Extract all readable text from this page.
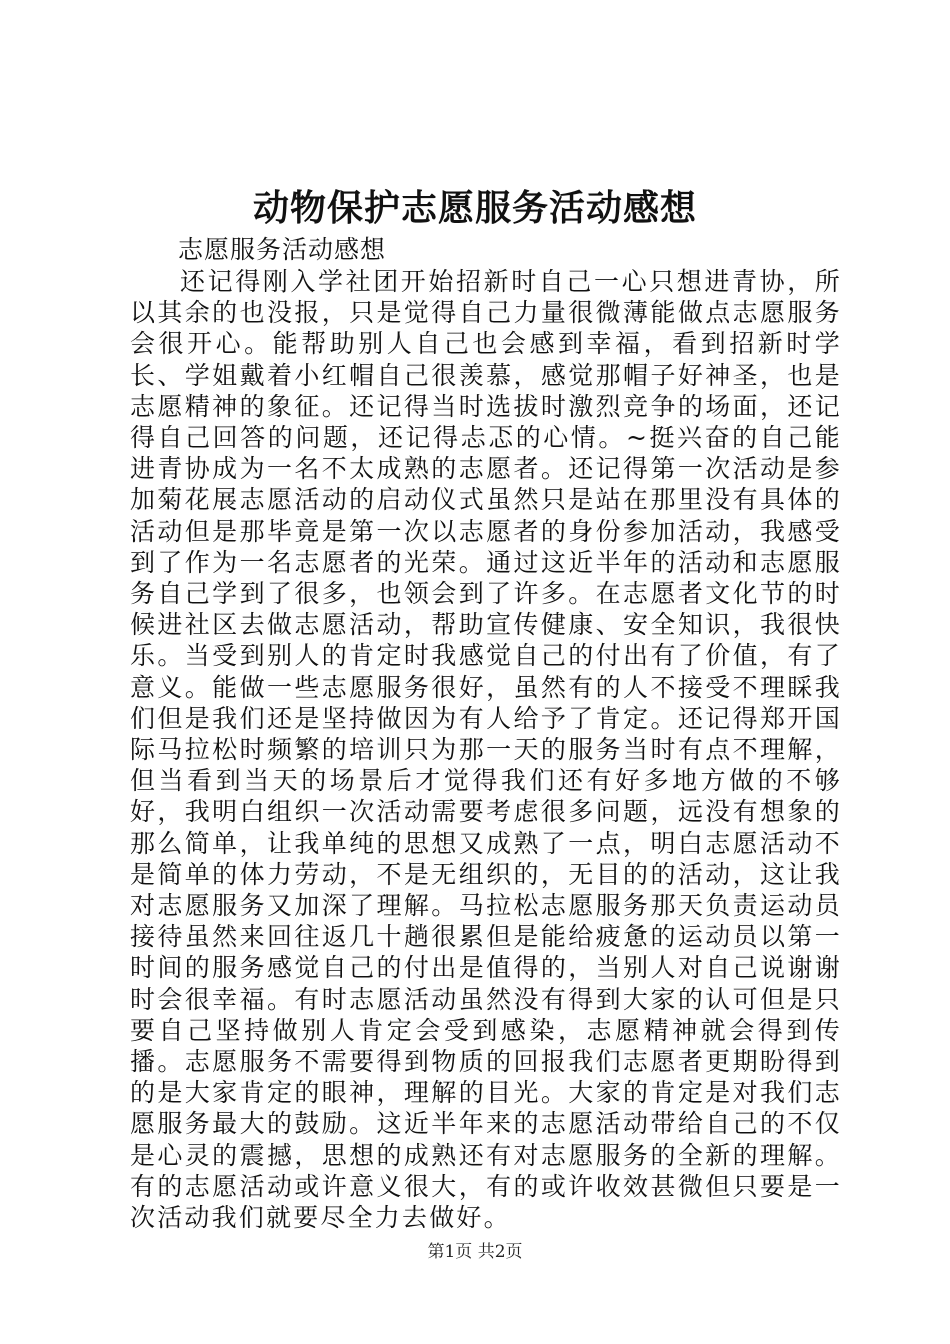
动物保护志愿服务活动感想
志愿服务活动感想

还记得刚入学社团开始招新时自己一心只想进青协，所以其余的也没报，只是觉得自己力量很微薄能做点志愿服务会很开心。能帮助别人自己也会感到幸福，看到招新时学长、学姐戴着小红帽自己很羡慕，感觉那帽子好神圣，也是志愿精神的象征。还记得当时选拔时激烈竞争的场面，还记得自己回答的问题，还记得忐忑的心情。~挺兴奋的自己能进青协成为一名不太成熟的志愿者。还记得第一次活动是参加菊花展志愿活动的启动仪式虽然只是站在那里没有具体的活动但是那毕竟是第一次以志愿者的身份参加活动，我感受到了作为一名志愿者的光荣。通过这近半年的活动和志愿服务自己学到了很多，也领会到了许多。在志愿者文化节的时候进社区去做志愿活动，帮助宣传健康、安全知识，我很快乐。当受到别人的肯定时我感觉自己的付出有了价值，有了意义。能做一些志愿服务很好，虽然有的人不接受不理睬我们但是我们还是坚持做因为有人给予了肯定。还记得郑开国际马拉松时频繁的培训只为那一天的服务当时有点不理解，但当看到当天的场景后才觉得我们还有好多地方做的不够好，我明白组织一次活动需要考虑很多问题，远没有想象的那么简单，让我单纯的思想又成熟了一点，明白志愿活动不是简单的体力劳动，不是无组织的，无目的的活动，这让我对志愿服务又加深了理解。马拉松志愿服务那天负责运动员接待虽然来回往返几十趟很累但是能给疲惫的运动员以第一时间的服务感觉自己的付出是值得的，当别人对自己说谢谢时会很幸福。有时志愿活动虽然没有得到大家的认可但是只要自己坚持做别人肯定会受到感染，志愿精神就会得到传播。志愿服务不需要得到物质的回报我们志愿者更期盼得到的是大家肯定的眼神，理解的目光。大家的肯定是对我们志愿服务最大的鼓励。这近半年来的志愿活动带给自己的不仅是心灵的震撼，思想的成熟还有对志愿服务的全新的理解。有的志愿活动或许意义很大，有的或许收效甚微但只要是一次活动我们就要尽全力去做好。

第1页 共2页
